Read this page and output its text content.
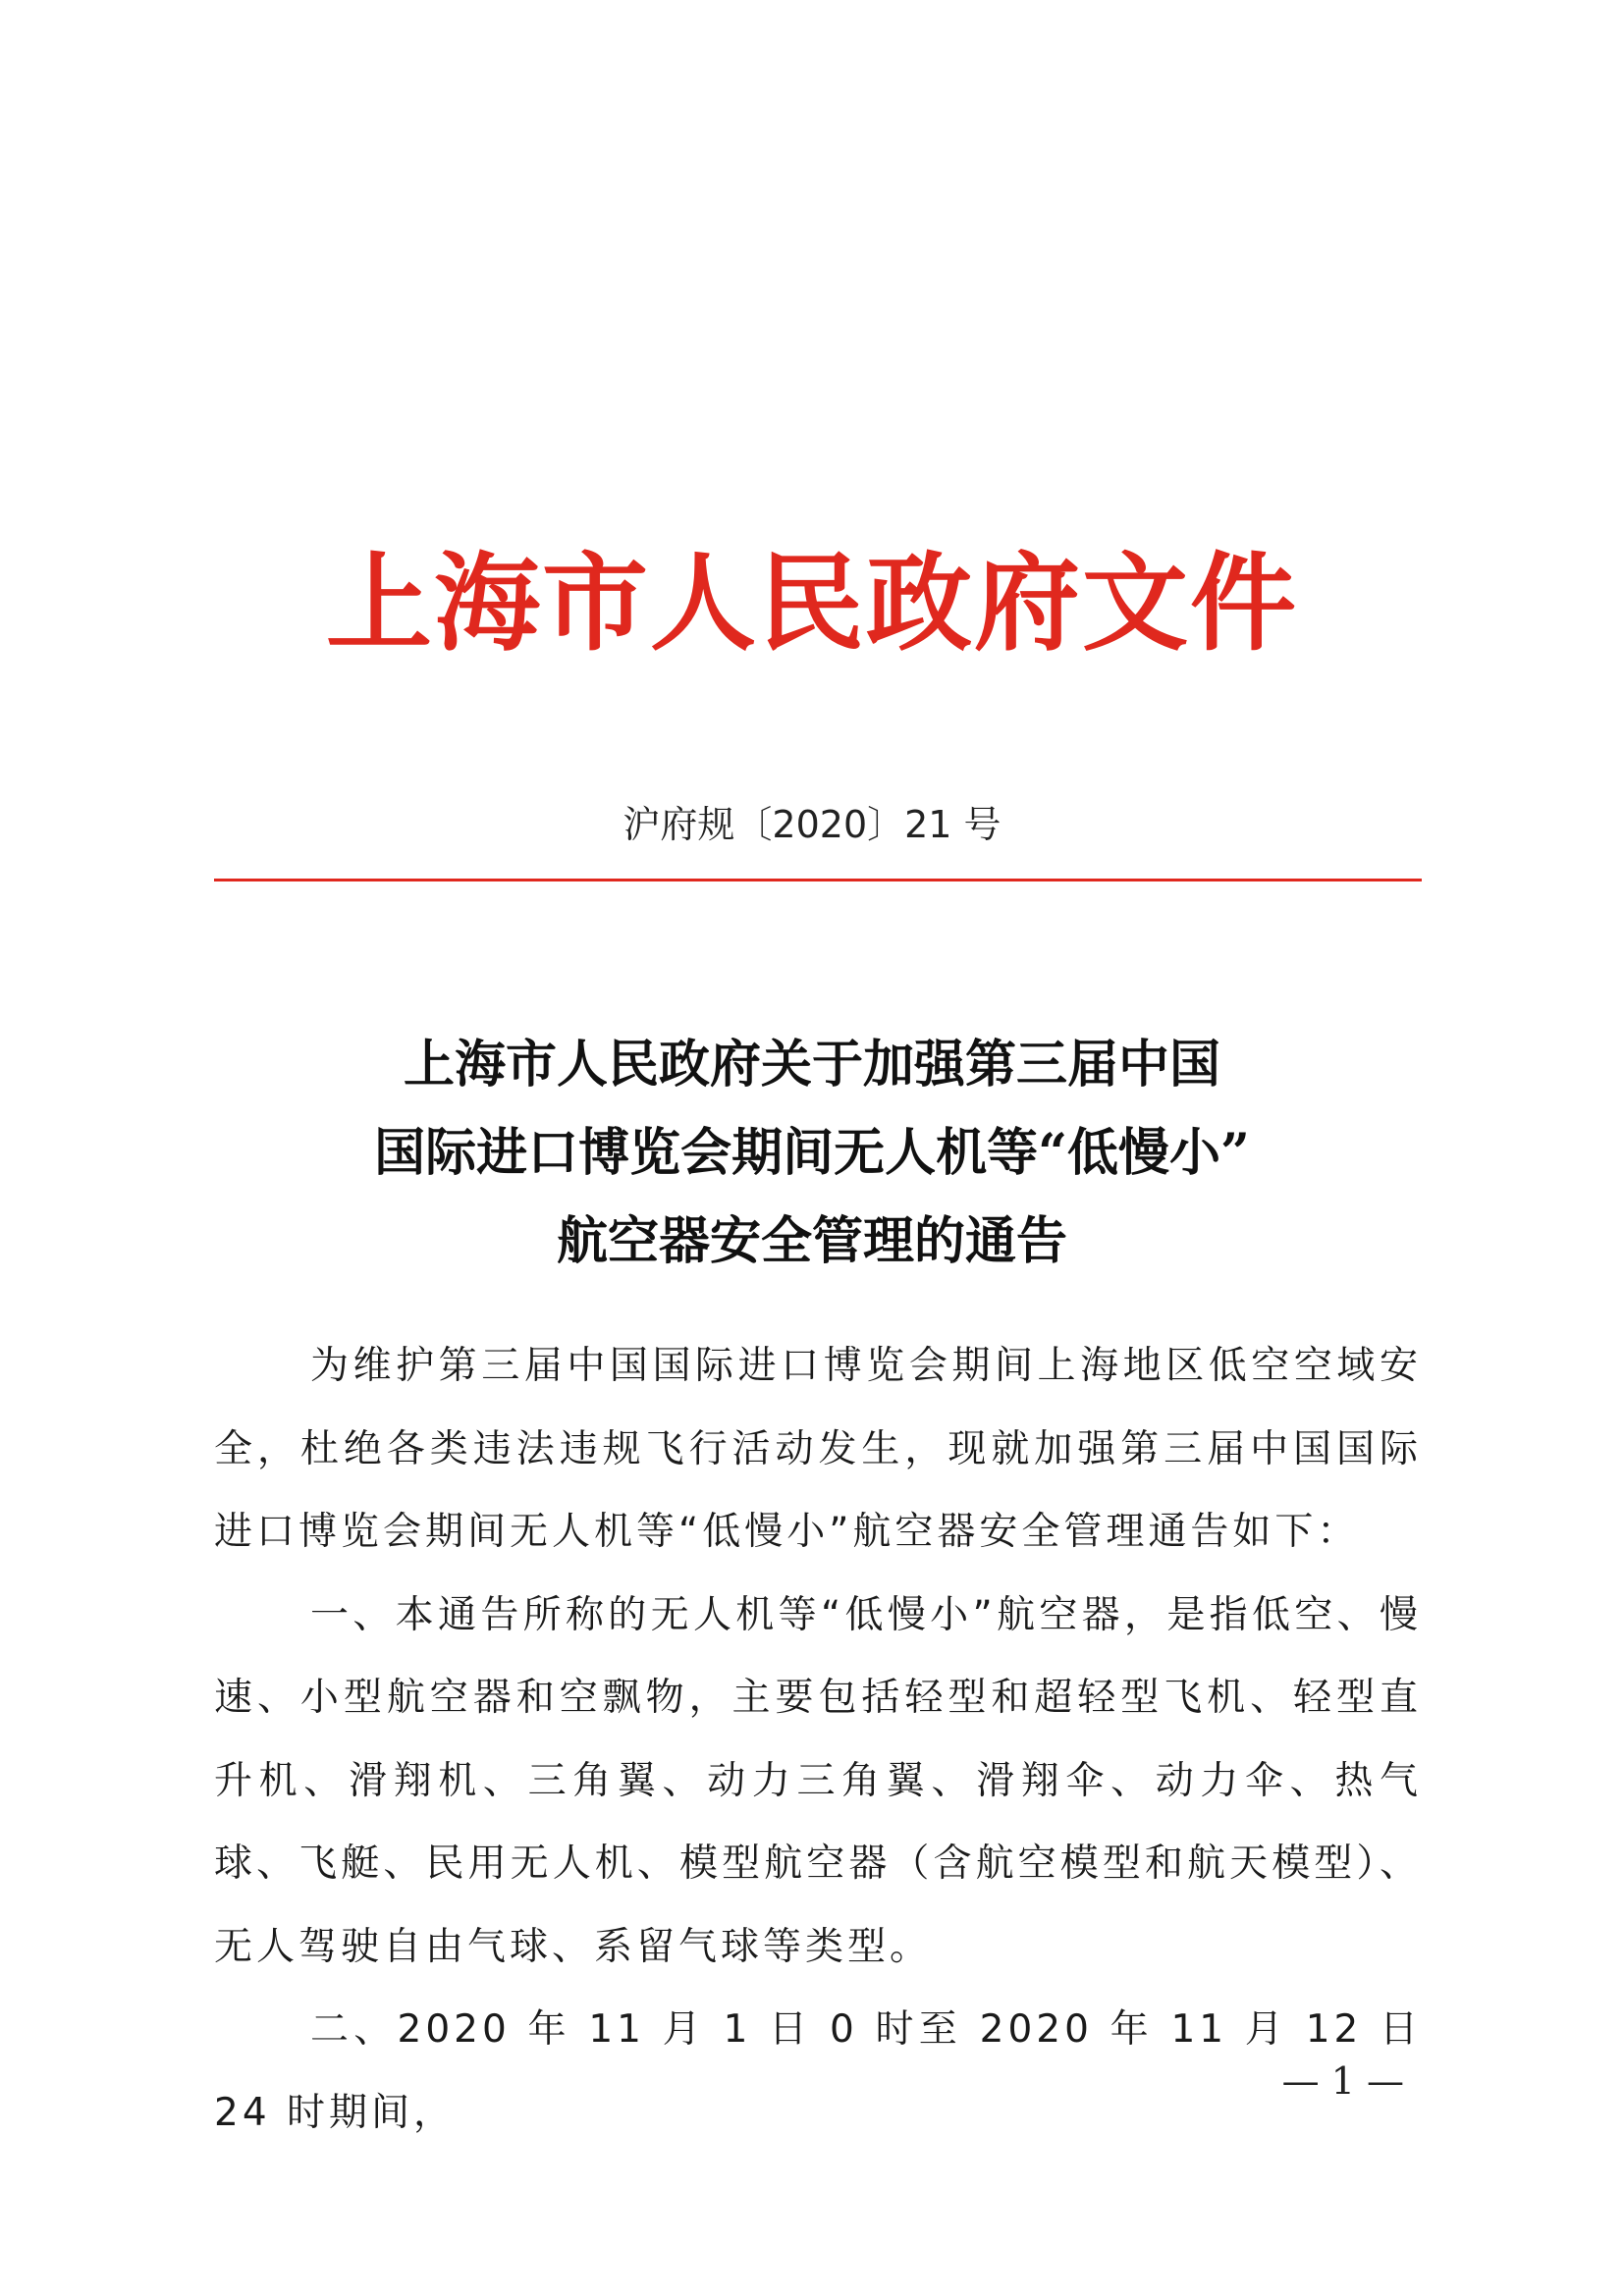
上海市人民政府文件
沪府规〔2020〕21 号
上海市人民政府关于加强第三届中国
国际进口博览会期间无人机等“低慢小”
航空器安全管理的通告

为维护第三届中国国际进口博览会期间上海地区低空空域安全，杜绝各类违法违规飞行活动发生，现就加强第三届中国国际进口博览会期间无人机等“低慢小”航空器安全管理通告如下：

一、本通告所称的无人机等“低慢小”航空器，是指低空、慢速、小型航空器和空飘物，主要包括轻型和超轻型飞机、轻型直升机、滑翔机、三角翼、动力三角翼、滑翔伞、动力伞、热气球、飞艇、民用无人机、模型航空器（含航空模型和航天模型）、无人驾驶自由气球、系留气球等类型。

二、2020 年 11 月 1 日 0 时至 2020 年 11 月 12 日 24 时期间，

— 1 —
